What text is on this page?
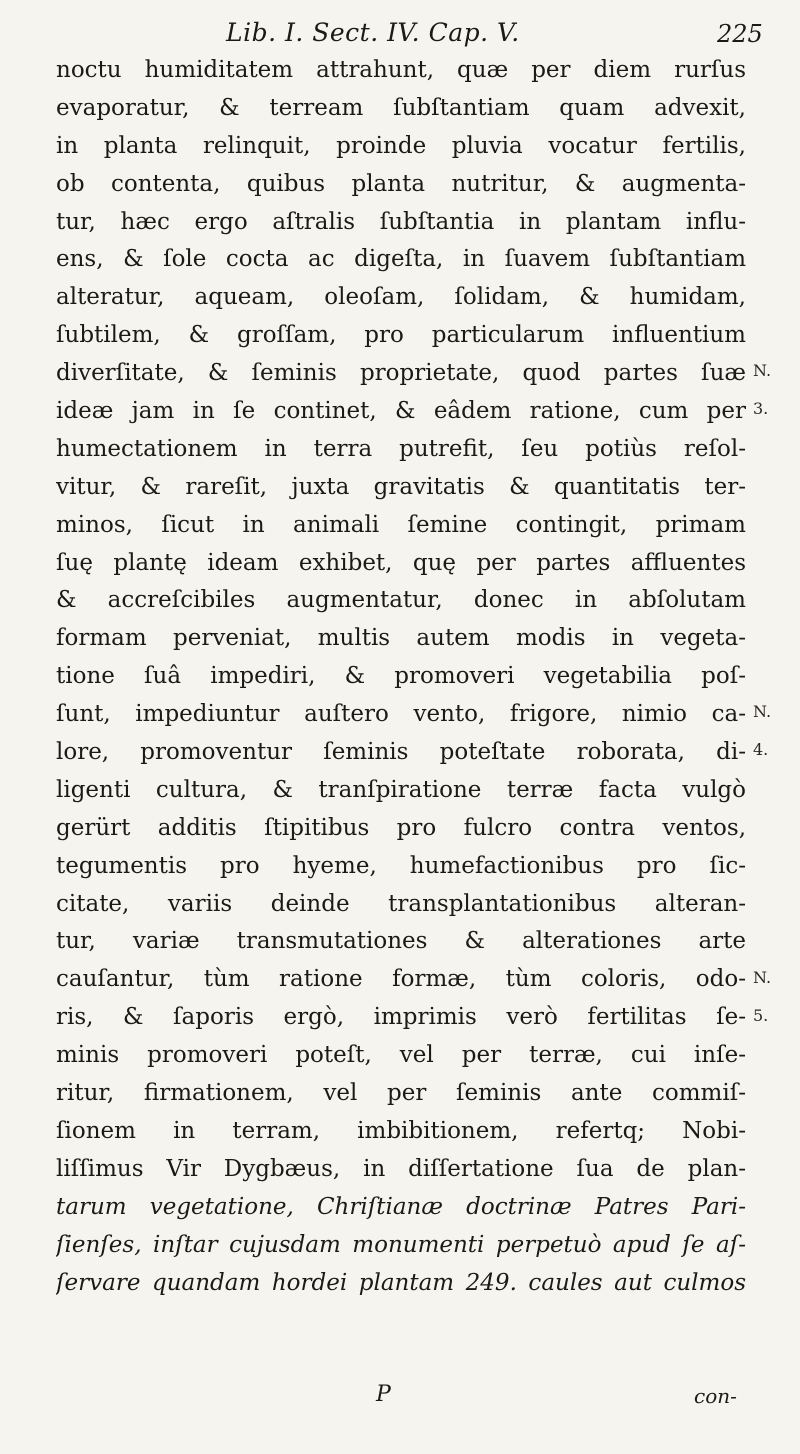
Lib. I. Sect. IV. Cap. V.	225
noctu humiditatem attrahunt, quæ per diem rurſus
evaporatur, & terream ſubſtantiam quam advexit,
in planta relinquit, proinde pluvia vocatur fertilis,
ob contenta, quibus planta nutritur, & augmenta-
tur, hæc ergo aſtralis ſubſtantia in plantam influ-
ens, & ſole cocta ac digeſta, in ſuavem ſubſtantiam
alteratur, aqueam, oleoſam, ſolidam, & humidam,
ſubtilem, & groſſam, pro particularum influentium
diverſitate, & ſeminis proprietate, quod partes ſuæ
ideæ jam in ſe continet, & eâdem ratione, cum per
humectationem in terra putrefit, ſeu potiùs reſol-
vitur, & rareſit, juxta gravitatis & quantitatis ter-
minos, ſicut in animali ſemine contingit, primam
ſuę plantę ideam exhibet, quę per partes affluentes
& accreſcibiles augmentatur, donec in abſolutam
formam perveniat, multis autem modis in vegeta-
tione ſuâ impediri, & promoveri vegetabilia poſ-
ſunt, impediuntur auſtero vento, frigore, nimio ca-
lore, promoventur ſeminis poteſtate roborata, di-
ligenti cultura, & tranſpiratione terræ facta vulgò
gerürt additis ſtipitibus pro fulcro contra ventos,
tegumentis pro hyeme, humefactionibus pro ſic-
citate, variis deinde transplantationibus alteran-
tur, variæ transmutationes & alterationes arte
cauſantur, tùm ratione formæ, tùm coloris, odo-
ris, & ſaporis ergò, imprimis verò fertilitas ſe-
minis promoveri poteſt, vel per terræ, cui inſe-
ritur, firmationem, vel per ſeminis ante commiſ-
ſionem in terram, imbibitionem, refertq; Nobi-
liſſimus Vir Dygbæus, in diſſertatione ſua de plan-
tarum vegetatione, Chriſtianæ doctrinæ Patres Pari-
ſienſes, inſtar cujusdam monumenti perpetuò apud ſe aſ-
ſervare quandam hordei plantam 249. caules aut culmos
N.
3.
N.
4.
N.
5.
P	con-
